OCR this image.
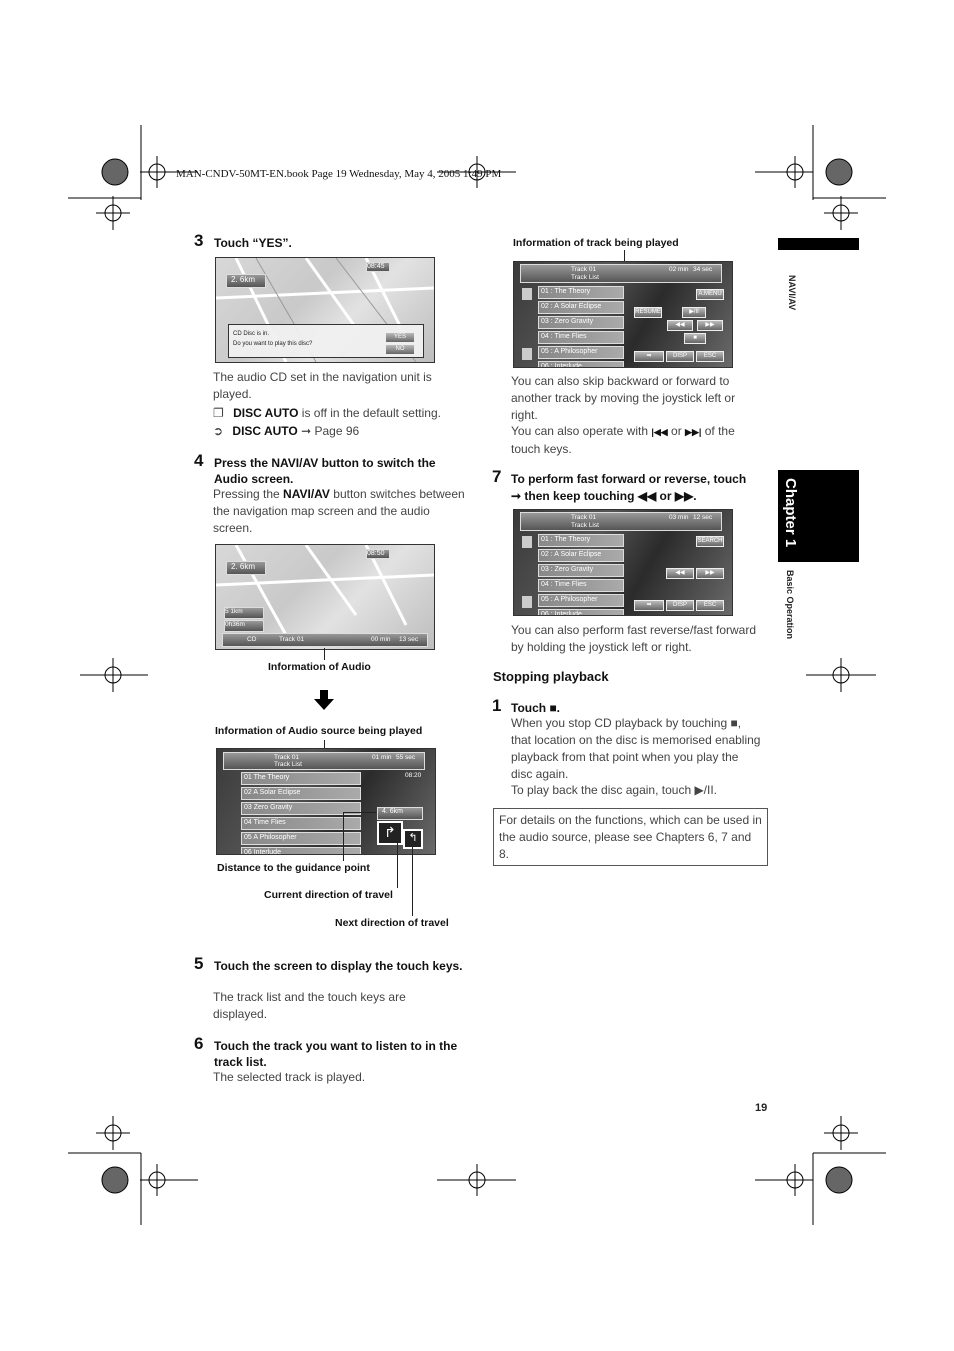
MAN-CNDV-50MT-EN.book Page 19 Wednesday, May 4, 2005 1:49 PM
NAVI/AV
Chapter 1
Basic Operation
19
3 Touch “YES”.
2. 6km
08:45
CD Disc is in.
Do you want to play this disc?
YES
NO
The audio CD set in the navigation unit is played.
❐ DISC AUTO is off in the default setting.
➲ DISC AUTO ➞ Page 96
4 Press the NAVI/AV button to switch the Audio screen.
Pressing the NAVI/AV button switches between the navigation map screen and the audio screen.
2. 6km
08:50
5 1km
0h36m
CD	Track 01	00 min 13 sec
Information of Audio
Information of Audio source being played
Track 01
Track List
01 min 55 sec
08:20
01 The Theory
02 A Solar Eclipse
03 Zero Gravity
04 Time Flies
05 A Philosopher
06 Interlude
4. 6km
↱	↰
Distance to the guidance point
Current direction of travel
Next direction of travel
5 Touch the screen to display the touch keys.
The track list and the touch keys are displayed.
6 Touch the track you want to listen to in the track list.
The selected track is played.
Information of track being played
Track 01
Track List
02 min 34 sec
01 : The Theory
02 : A Solar Eclipse
03 : Zero Gravity
04 : Time Flies
05 : A Philosopher
06 : Interlude
A.MENU
RESUME	▶/II
◀◀	▶▶
■
➡	DISP	ESC
You can also skip backward or forward to another track by moving the joystick left or right.
You can also operate with |◀◀ or ▶▶| of the touch keys.
7 To perform fast forward or reverse, touch
➞ then keep touching ◀◀ or ▶▶.
Track 01
Track List
03 min 12 sec
01 : The Theory
02 : A Solar Eclipse
03 : Zero Gravity
04 : Time Flies
05 : A Philosopher
06 : Interlude
SEARCH
◀◀	▶▶
➡	DISP	ESC
You can also perform fast reverse/fast forward by holding the joystick left or right.
Stopping playback
1 Touch ■.
When you stop CD playback by touching ■, that location on the disc is memorised enabling playback from that point when you play the disc again.
To play back the disc again, touch ▶/II.
For details on the functions, which can be used in the audio source, please see Chapters 6, 7 and 8.
